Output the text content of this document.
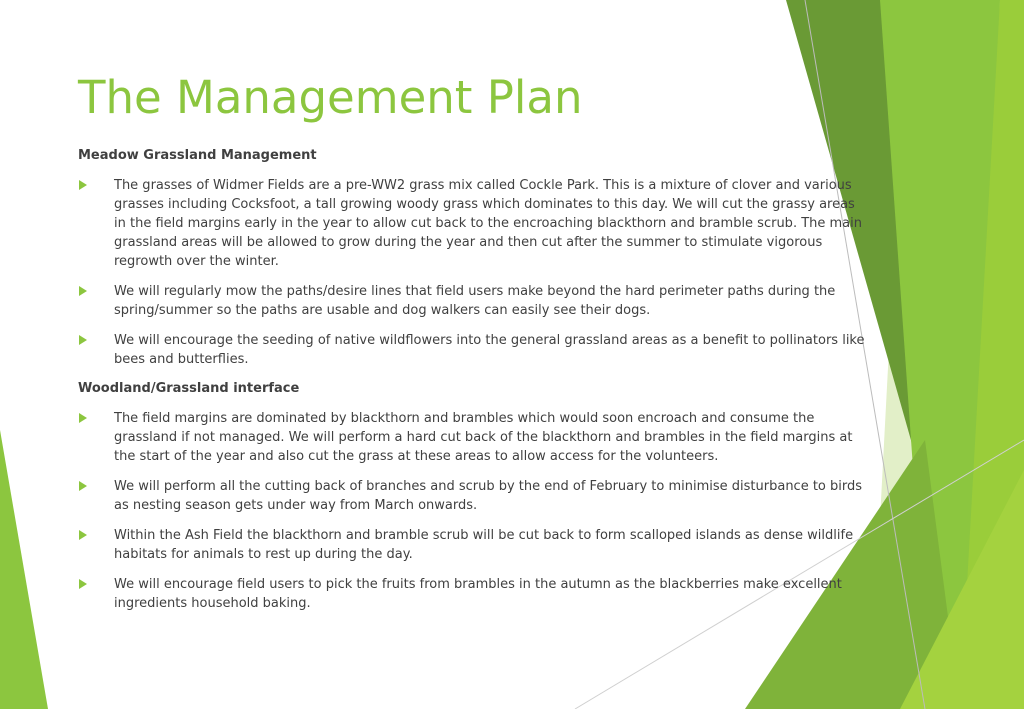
The Management Plan
Meadow Grassland Management
The grasses of Widmer Fields are a pre-WW2 grass mix called Cockle Park. This is a mixture of clover and various grasses including Cocksfoot, a tall growing woody grass which dominates to this day. We will cut the grassy areas in the field margins early in the year to allow cut back to the encroaching blackthorn and bramble scrub. The main grassland areas will be allowed to grow during the year and then cut after the summer to stimulate vigorous regrowth over the winter.
We will regularly mow the paths/desire lines that field users make beyond the hard perimeter paths during the spring/summer so the paths are usable and dog walkers can easily see their dogs.
We will encourage the seeding of native wildflowers into the general grassland areas as a benefit to pollinators like bees and butterflies.
Woodland/Grassland interface
The field margins are dominated by blackthorn and brambles which would soon encroach and consume the grassland if not managed. We will perform a hard cut back of the blackthorn and brambles in the field margins at the start of the year and also cut the grass at these areas to allow access for the volunteers.
We will perform all the cutting back of branches and scrub by the end of February to minimise disturbance to birds as nesting season gets under way from March onwards.
Within the Ash Field the blackthorn and bramble scrub will be cut back to form scalloped islands as dense wildlife habitats for animals to rest up during the day.
We will encourage field users to pick the fruits from brambles in the autumn as the blackberries make excellent ingredients household baking.
